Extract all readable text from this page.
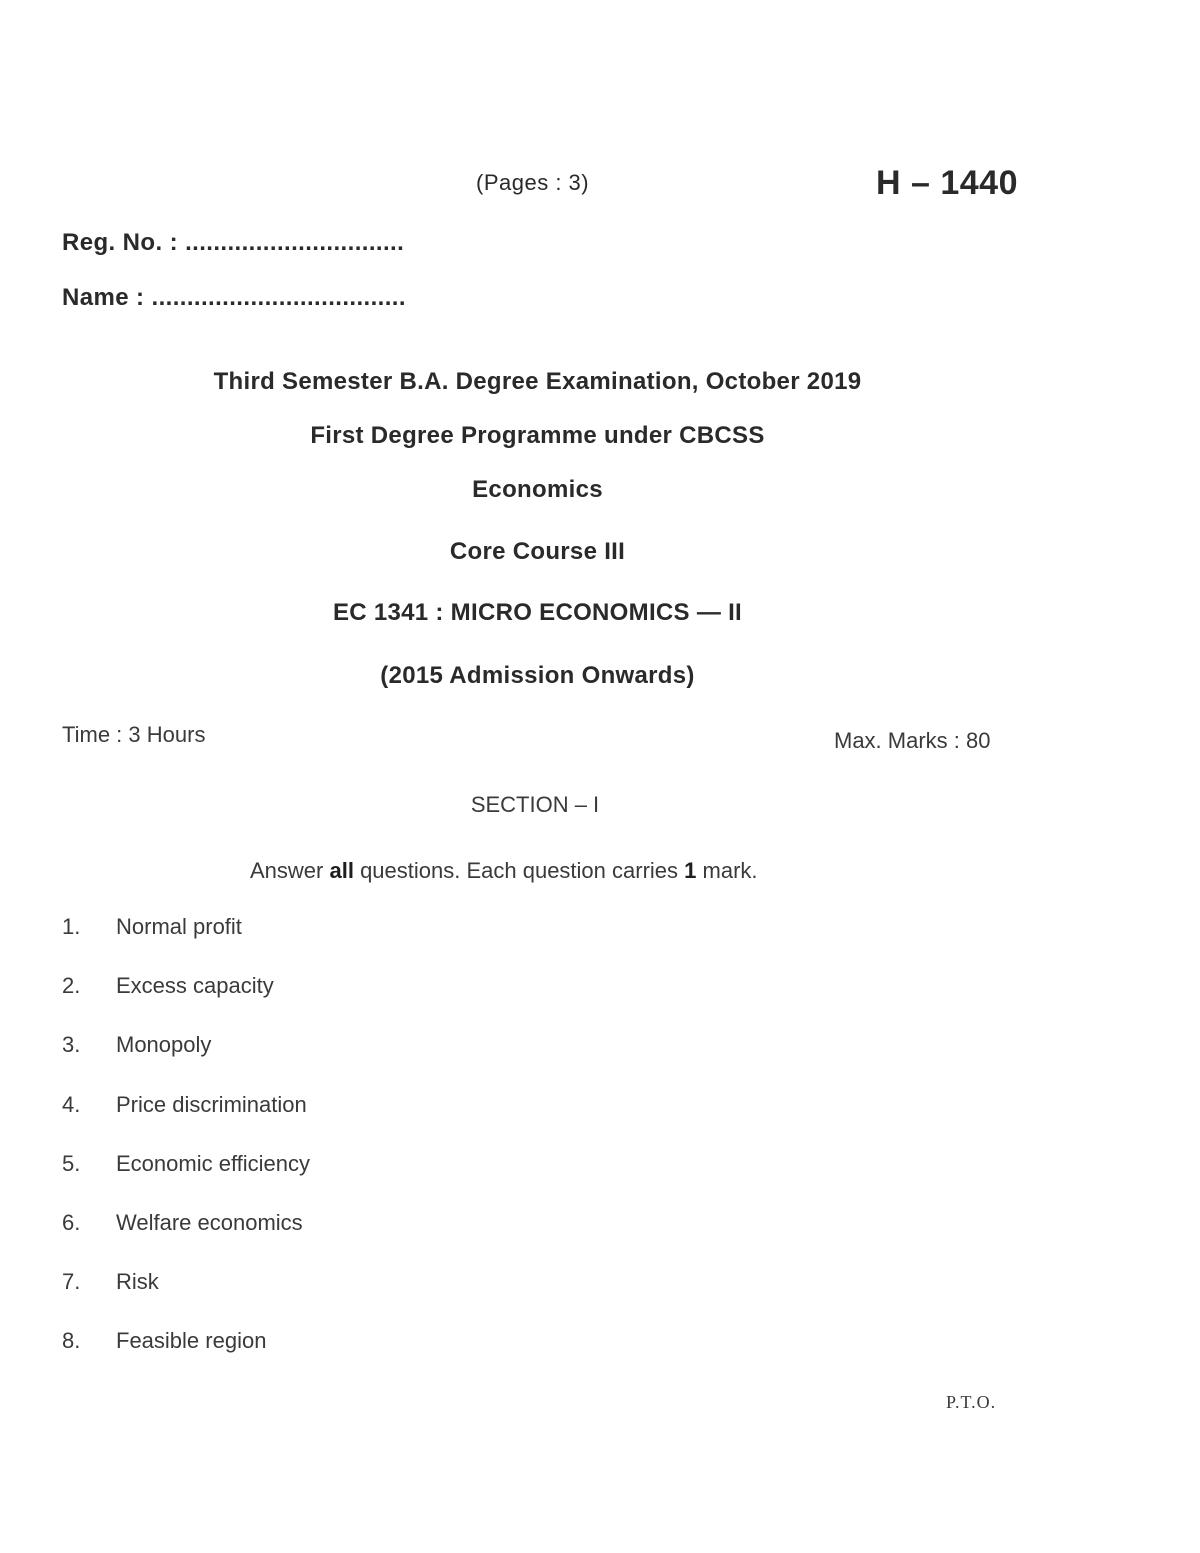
(Pages : 3)	H – 1440
Reg. No. : ...............................
Name : ....................................
Third Semester B.A. Degree Examination, October 2019
First Degree Programme under CBCSS
Economics
Core Course III
EC 1341 : MICRO ECONOMICS — II
(2015 Admission Onwards)
Time : 3 Hours	Max. Marks : 80
SECTION – I
Answer all questions. Each question carries 1 mark.
1.	Normal profit
2.	Excess capacity
3.	Monopoly
4.	Price discrimination
5.	Economic efficiency
6.	Welfare economics
7.	Risk
8.	Feasible region
P.T.O.
